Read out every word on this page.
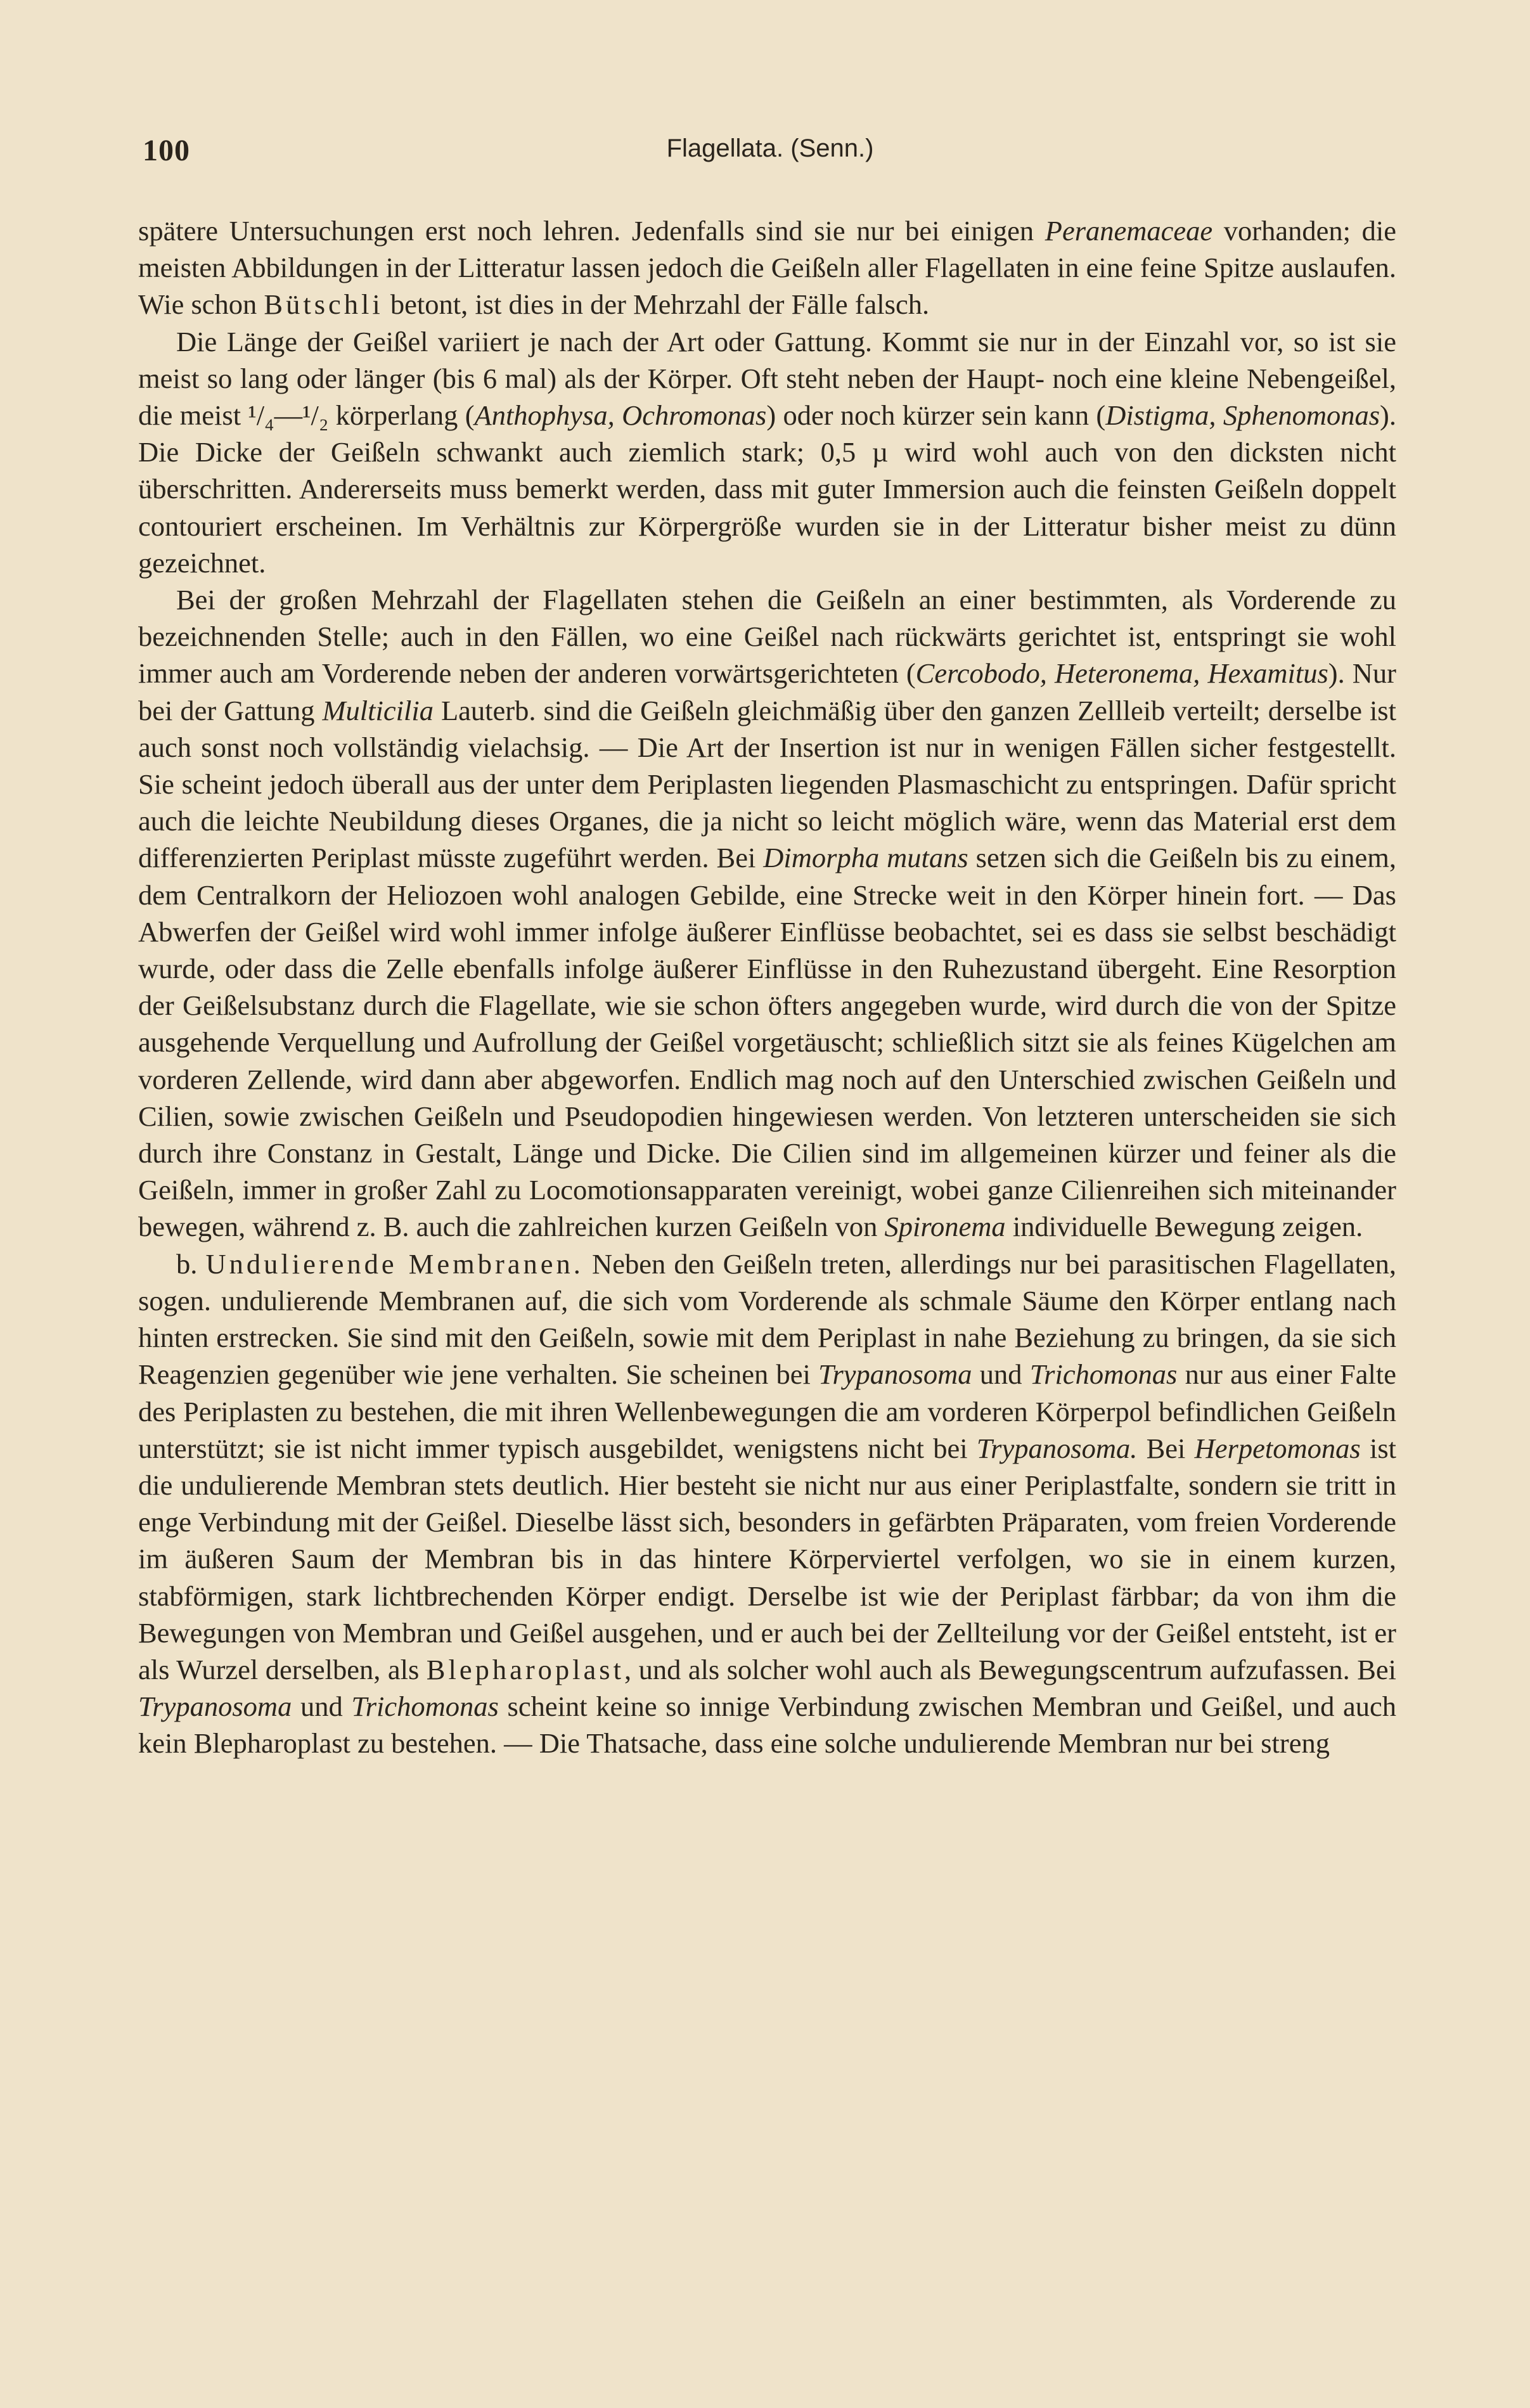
100	Flagellata. (Senn.)

spätere Untersuchungen erst noch lehren. Jedenfalls sind sie nur bei einigen Peranemaceae vorhanden; die meisten Abbildungen in der Litteratur lassen jedoch die Geißeln aller Flagellaten in eine feine Spitze auslaufen. Wie schon Bütschli betont, ist dies in der Mehrzahl der Fälle falsch.

Die Länge der Geißel variiert je nach der Art oder Gattung. Kommt sie nur in der Einzahl vor, so ist sie meist so lang oder länger (bis 6 mal) als der Körper. Oft steht neben der Haupt- noch eine kleine Nebengeißel, die meist ¹/₄—¹/₂ körperlang (Anthophysa, Ochromonas) oder noch kürzer sein kann (Distigma, Sphenomonas). Die Dicke der Geißeln schwankt auch ziemlich stark; 0,5 µ wird wohl auch von den dicksten nicht überschritten. Andererseits muss bemerkt werden, dass mit guter Immersion auch die feinsten Geißeln doppelt contouriert erscheinen. Im Verhältnis zur Körpergröße wurden sie in der Litteratur bisher meist zu dünn gezeichnet.

Bei der großen Mehrzahl der Flagellaten stehen die Geißeln an einer bestimmten, als Vorderende zu bezeichnenden Stelle; auch in den Fällen, wo eine Geißel nach rückwärts gerichtet ist, entspringt sie wohl immer auch am Vorderende neben der anderen vorwärtsgerichteten (Cercobodo, Heteronema, Hexamitus). Nur bei der Gattung Multicilia Lauterb. sind die Geißeln gleichmäßig über den ganzen Zellleib verteilt; derselbe ist auch sonst noch vollständig vielachsig. — Die Art der Insertion ist nur in wenigen Fällen sicher festgestellt. Sie scheint jedoch überall aus der unter dem Periplasten liegenden Plasmaschicht zu entspringen. Dafür spricht auch die leichte Neubildung dieses Organes, die ja nicht so leicht möglich wäre, wenn das Material erst dem differenzierten Periplast müsste zugeführt werden. Bei Dimorpha mutans setzen sich die Geißeln bis zu einem, dem Centralkorn der Heliozoen wohl analogen Gebilde, eine Strecke weit in den Körper hinein fort. — Das Abwerfen der Geißel wird wohl immer infolge äußerer Einflüsse beobachtet, sei es dass sie selbst beschädigt wurde, oder dass die Zelle ebenfalls infolge äußerer Einflüsse in den Ruhezustand übergeht. Eine Resorption der Geißelsubstanz durch die Flagellate, wie sie schon öfters angegeben wurde, wird durch die von der Spitze ausgehende Verquellung und Aufrollung der Geißel vorgetäuscht; schließlich sitzt sie als feines Kügelchen am vorderen Zellende, wird dann aber abgeworfen. Endlich mag noch auf den Unterschied zwischen Geißeln und Cilien, sowie zwischen Geißeln und Pseudopodien hingewiesen werden. Von letzteren unterscheiden sie sich durch ihre Constanz in Gestalt, Länge und Dicke. Die Cilien sind im allgemeinen kürzer und feiner als die Geißeln, immer in großer Zahl zu Locomotionsapparaten vereinigt, wobei ganze Cilienreihen sich miteinander bewegen, während z. B. auch die zahlreichen kurzen Geißeln von Spironema individuelle Bewegung zeigen.

b. Undulierende Membranen. Neben den Geißeln treten, allerdings nur bei parasitischen Flagellaten, sogen. undulierende Membranen auf, die sich vom Vorderende als schmale Säume den Körper entlang nach hinten erstrecken. Sie sind mit den Geißeln, sowie mit dem Periplast in nahe Beziehung zu bringen, da sie sich Reagenzien gegenüber wie jene verhalten. Sie scheinen bei Trypanosoma und Trichomonas nur aus einer Falte des Periplasten zu bestehen, die mit ihren Wellenbewegungen die am vorderen Körperpol befindlichen Geißeln unterstützt; sie ist nicht immer typisch ausgebildet, wenigstens nicht bei Trypanosoma. Bei Herpetomonas ist die undulierende Membran stets deutlich. Hier besteht sie nicht nur aus einer Periplastfalte, sondern sie tritt in enge Verbindung mit der Geißel. Dieselbe lässt sich, besonders in gefärbten Präparaten, vom freien Vorderende im äußeren Saum der Membran bis in das hintere Körperviertel verfolgen, wo sie in einem kurzen, stabförmigen, stark lichtbrechenden Körper endigt. Derselbe ist wie der Periplast färbbar; da von ihm die Bewegungen von Membran und Geißel ausgehen, und er auch bei der Zellteilung vor der Geißel entsteht, ist er als Wurzel derselben, als Blepharoplast, und als solcher wohl auch als Bewegungscentrum aufzufassen. Bei Trypanosoma und Trichomonas scheint keine so innige Verbindung zwischen Membran und Geißel, und auch kein Blepharoplast zu bestehen. — Die Thatsache, dass eine solche undulierende Membran nur bei streng
